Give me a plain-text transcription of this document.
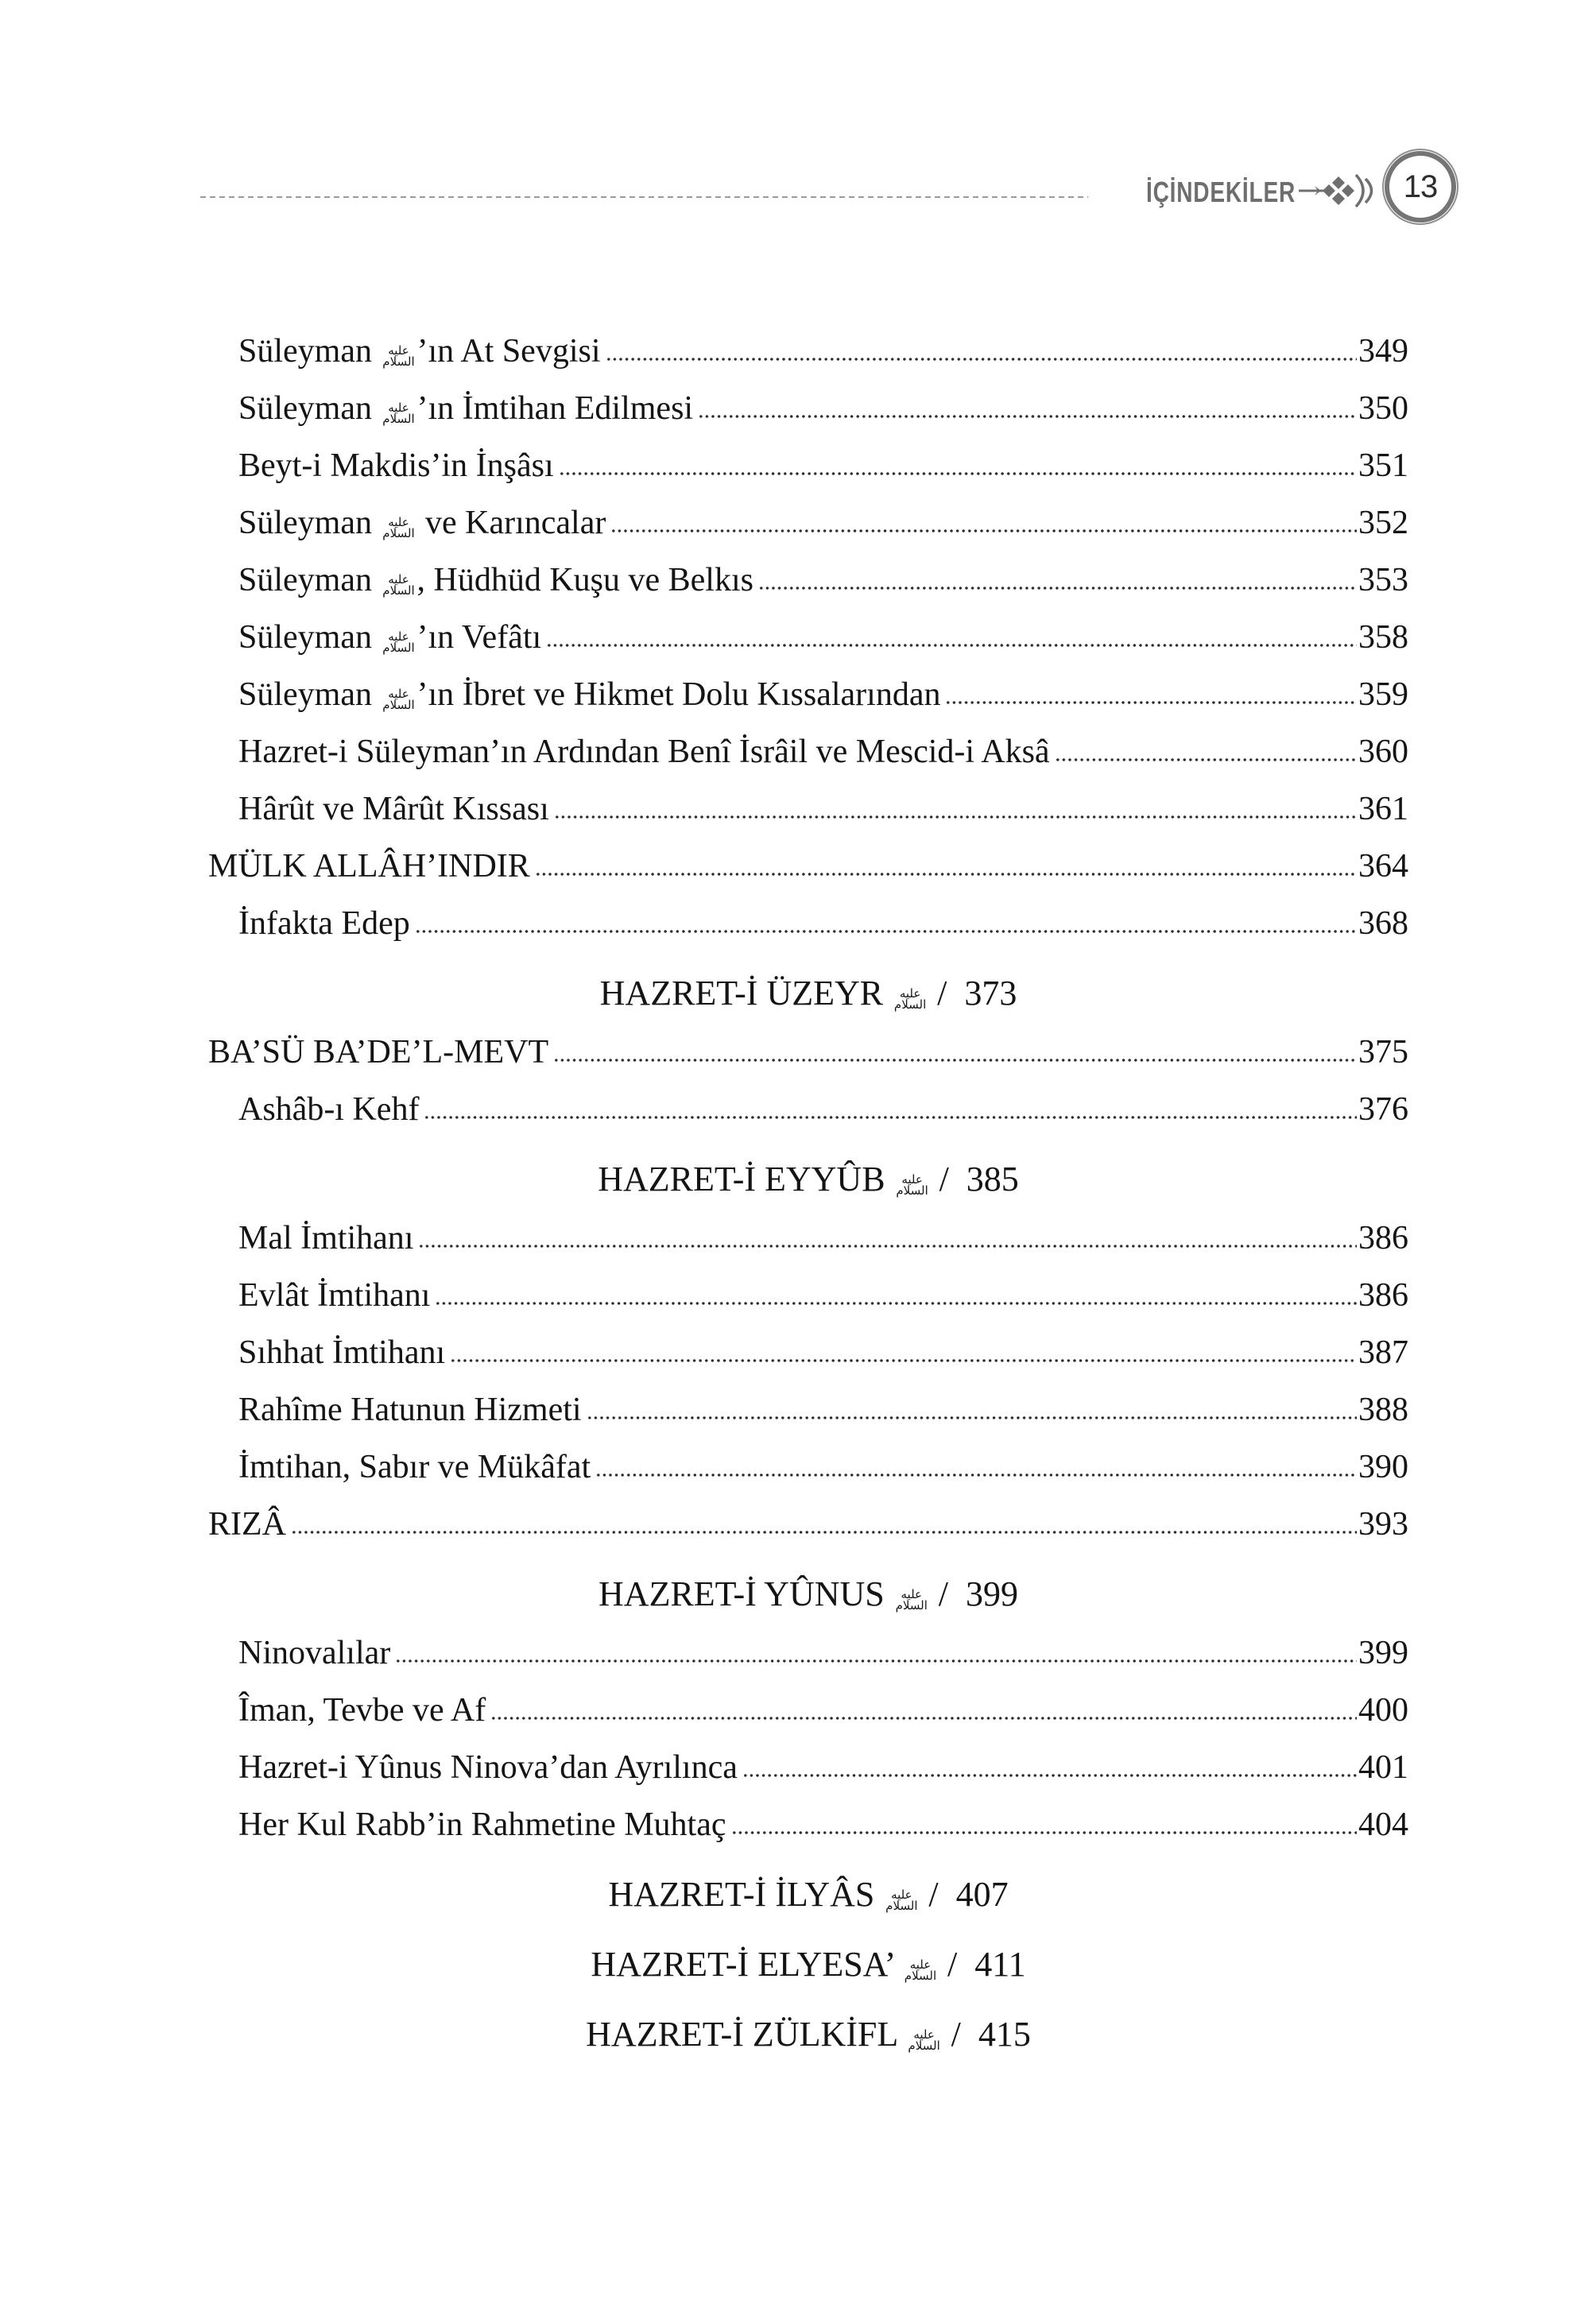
İÇİNDEKİLER	13
Süleyman عليه السلام’ın At Sevgisi	349
Süleyman عليه السلام’ın İmtihan Edilmesi	350
Beyt-i Makdis’in İnşâsı	351
Süleyman عليه السلام ve Karıncalar	352
Süleyman عليه السلام, Hüdhüd Kuşu ve Belkıs	353
Süleyman عليه السلام’ın Vefâtı	358
Süleyman عليه السلام’ın İbret ve Hikmet Dolu Kıssalarından	359
Hazret-i Süleyman’ın Ardından Benî İsrâil ve Mescid-i Aksâ	360
Hârût ve Mârût Kıssası	361
MÜLK ALLÂH’INDIR	364
İnfakta Edep	368
HAZRET-İ ÜZEYR عليه السلام / 373
BA’SÜ BA’DE’L-MEVT	375
Ashâb-ı Kehf	376
HAZRET-İ EYYÛB عليه السلام / 385
Mal İmtihanı	386
Evlât İmtihanı	386
Sıhhat İmtihanı	387
Rahîme Hatunun Hizmeti	388
İmtihan, Sabır ve Mükâfat	390
RIZÂ	393
HAZRET-İ YÛNUS عليه السلام / 399
Ninovalılar	399
Îman, Tevbe ve Af	400
Hazret-i Yûnus Ninova’dan Ayrılınca	401
Her Kul Rabb’in Rahmetine Muhtaç	404
HAZRET-İ İLYÂS عليه السلام / 407
HAZRET-İ ELYESA’ عليه السلام / 411
HAZRET-İ ZÜLKİFL عليه السلام / 415
